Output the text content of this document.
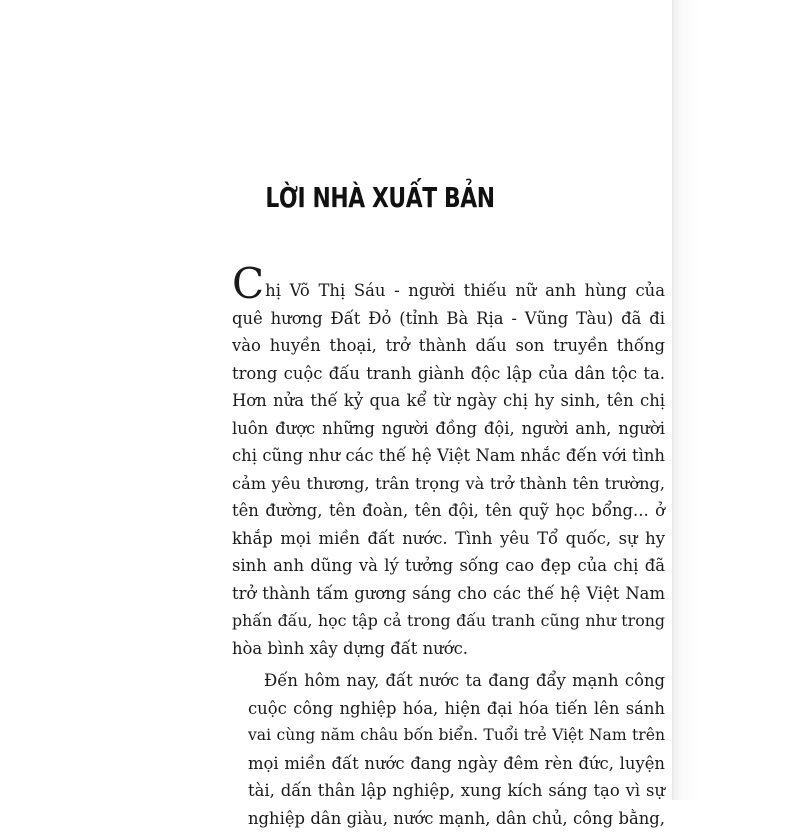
LỜI NHÀ XUẤT BẢN
Chị Võ Thị Sáu - người thiếu nữ anh hùng của
quê hương Đất Đỏ (tỉnh Bà Rịa - Vũng Tàu) đã đi
vào huyền thoại, trở thành dấu son truyền thống
trong cuộc đấu tranh giành độc lập của dân tộc ta.
Hơn nửa thế kỷ qua kể từ ngày chị hy sinh, tên chị
luôn được những người đồng đội, người anh, người
chị cũng như các thế hệ Việt Nam nhắc đến với tình
cảm yêu thương, trân trọng và trở thành tên trường,
tên đường, tên đoàn, tên đội, tên quỹ học bổng... ở
khắp mọi miền đất nước. Tình yêu Tổ quốc, sự hy
sinh anh dũng và lý tưởng sống cao đẹp của chị đã
trở thành tấm gương sáng cho các thế hệ Việt Nam
phấn đấu, học tập cả trong đấu tranh cũng như trong
hòa bình xây dựng đất nước.
Đến hôm nay, đất nước ta đang đẩy mạnh công
cuộc công nghiệp hóa, hiện đại hóa tiến lên sánh
vai cùng năm châu bốn biển. Tuổi trẻ Việt Nam trên
mọi miền đất nước đang ngày đêm rèn đức, luyện
tài, dấn thân lập nghiệp, xung kích sáng tạo vì sự
nghiệp dân giàu, nước mạnh, dân chủ, công bằng,
